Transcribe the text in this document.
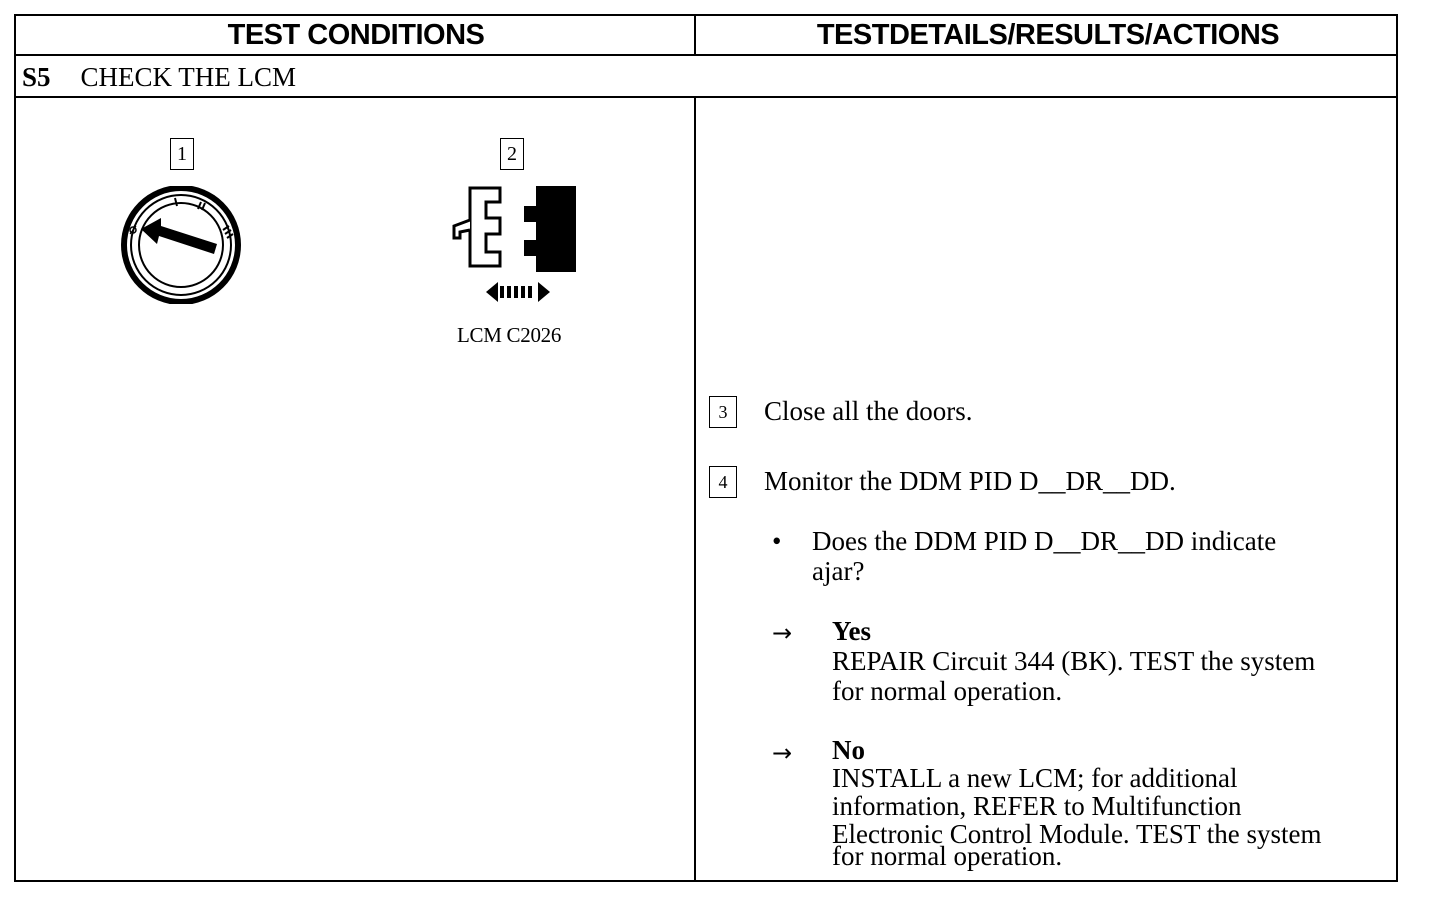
TEST CONDITIONS	TESTDETAILS/RESULTS/ACTIONS
S5 CHECK THE LCM
1	2
LCM C2026
3	Close all the doors.
4	Monitor the DDM PID D__DR__DD.
• Does the DDM PID D__DR__DD indicate
ajar?
→ Yes
REPAIR Circuit 344 (BK). TEST the system
for normal operation.
→ No
INSTALL a new LCM; for additional
information, REFER to Multifunction
Electronic Control Module. TEST the system
for normal operation.
